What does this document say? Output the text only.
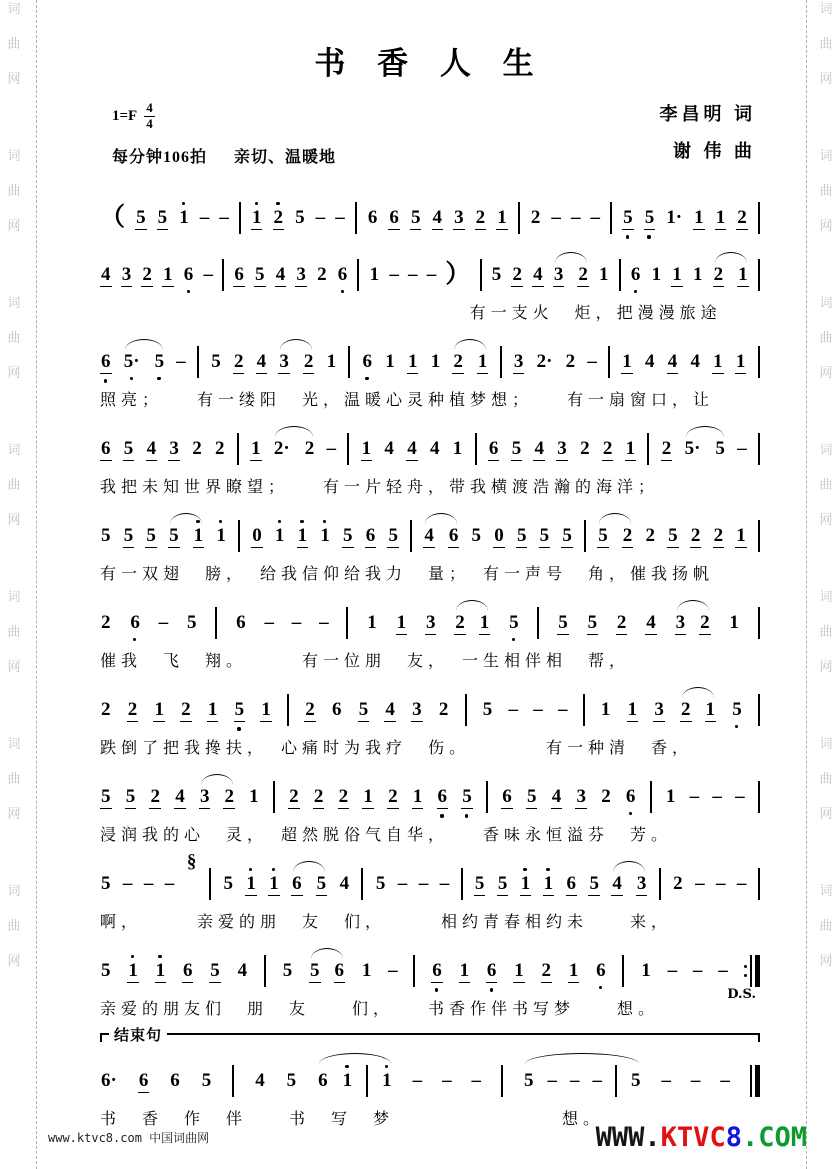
词
曲
网
词
曲
网
词
曲
网
词
曲
网
词
曲
网
词
曲
网
词
曲
网
词
曲
网
词
曲
网
词
曲
网
词
曲
网
词
曲
网
词
曲
网
词
曲
网
书 香 人 生
$1=F \frac{4}{4}$
每分钟106拍 　 亲切、温暖地
李昌明 词
谢 伟 曲
（ 5 5 1 – – 1 2 5 – – 6 6 5 4 3 2 1 2 – – – 5 5 1· 1 1 2
4 3 2 1 6 – 6 5 4 3 2 6 1 – – – ） 5 2 4 3 2 1 6 1 1 1 2 1
有一支火　炬，把漫漫旅途
6 5· 5 – 5 2 4 3 2 1 6 1 1 1 2 1 3 2· 2 – 1 4 4 4 1 1
照亮；　　有一缕阳　光，温暖心灵种植梦想；　　有一扇窗口，让
6 5 4 3 2 2 1 2· 2 – 1 4 4 4 1 6 5 4 3 2 2 1 2 5· 5 –
我把未知世界瞭望；　　有一片轻舟，带我横渡浩瀚的海洋；
5 5 5 5 1 1 0 1 1 1 5 6 5 4 6 5 0 5 5 5 5 2 2 5 2 2 1
有一双翅　膀，　给我信仰给我力　量；　有一声号　角，催我扬帆
2 6 – 5 6 – – – 1 1 3 2 1 5 5 5 2 4 3 2 1
催我　飞　翔。　　　有一位朋　友，　一生相伴相　帮，
2 2 1 2 1 5 1 2 6 5 4 3 2 5 – – – 1 1 3 2 1 5
跌倒了把我搀扶，　心痛时为我疗　伤。　　　　有一种清　香，
5 5 2 4 3 2 1 2 2 2 1 2 1 6 5 6 5 4 3 2 6 1 – – –
浸润我的心　灵，　超然脱俗气自华，　　香味永恒溢芬　芳。
5 – – –
§
5 1 1 6 5 4 5 – – – 5 5 1 1 6 5 4 3 2 – – –
啊，　　　亲爱的朋　友　们，　　　相约青春相约未　　来，
5 1 1 6 5 4 5 5 6 1 – 6 1 6 1 2 1 6 1 – – –
D.S.
亲爱的朋友们　朋　友　　们，　　书香作伴书写梦　　想。
结束句
6· 6 6 5 4 5 6 1 1 – – – 5 – – – 5 – – –
书　香　作　伴　　书　写　梦　　　　　　　　想。
www.ktvc8.com 中国词曲网	WWW.KTVC8.COM
